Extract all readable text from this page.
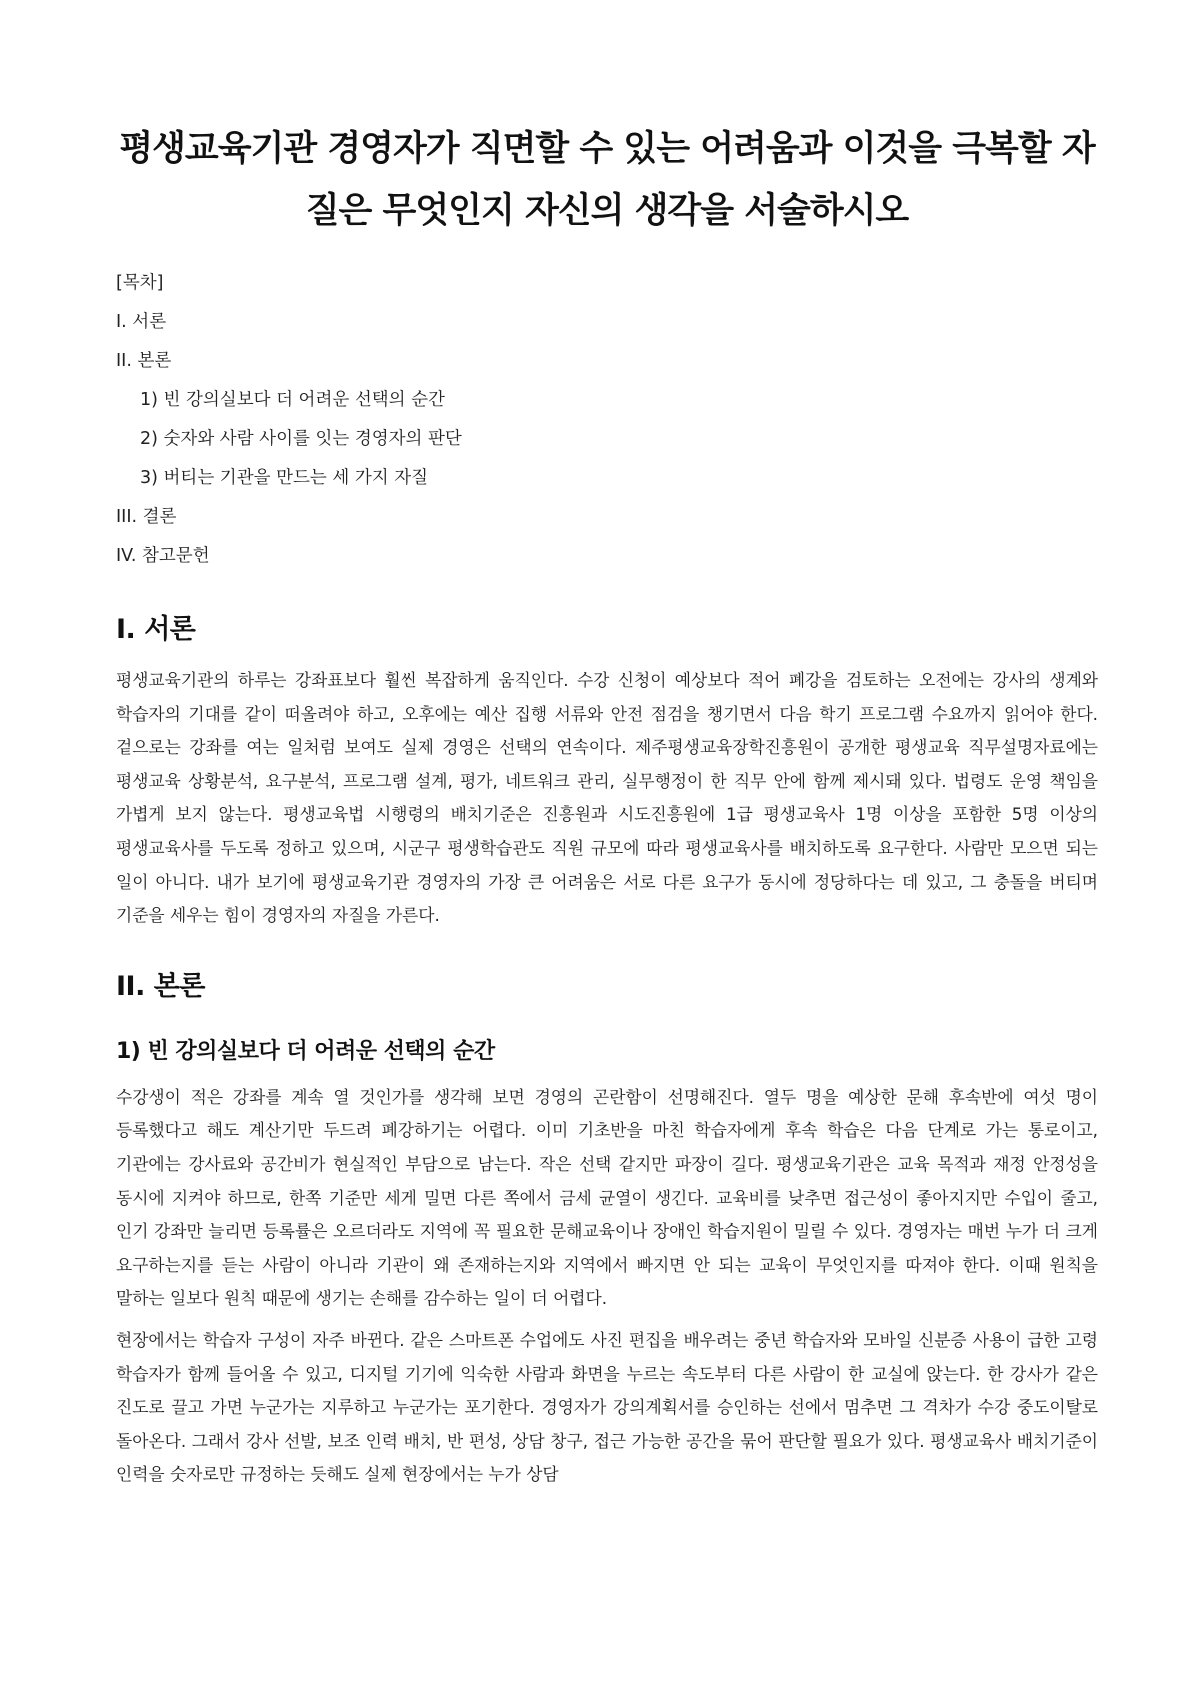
평생교육기관 경영자가 직면할 수 있는 어려움과 이것을 극복할 자질은 무엇인지 자신의 생각을 서술하시오
[목차]
I. 서론
II. 본론
1) 빈 강의실보다 더 어려운 선택의 순간
2) 숫자와 사람 사이를 잇는 경영자의 판단
3) 버티는 기관을 만드는 세 가지 자질
III. 결론
IV. 참고문헌
I. 서론

평생교육기관의 하루는 강좌표보다 훨씬 복잡하게 움직인다. 수강 신청이 예상보다 적어 폐강을 검토하는 오전에는 강사의 생계와 학습자의 기대를 같이 떠올려야 하고, 오후에는 예산 집행 서류와 안전 점검을 챙기면서 다음 학기 프로그램 수요까지 읽어야 한다. 겉으로는 강좌를 여는 일처럼 보여도 실제 경영은 선택의 연속이다. 제주평생교육장학진흥원이 공개한 평생교육 직무설명자료에는 평생교육 상황분석, 요구분석, 프로그램 설계, 평가, 네트워크 관리, 실무행정이 한 직무 안에 함께 제시돼 있다. 법령도 운영 책임을 가볍게 보지 않는다. 평생교육법 시행령의 배치기준은 진흥원과 시도진흥원에 1급 평생교육사 1명 이상을 포함한 5명 이상의 평생교육사를 두도록 정하고 있으며, 시군구 평생학습관도 직원 규모에 따라 평생교육사를 배치하도록 요구한다. 사람만 모으면 되는 일이 아니다. 내가 보기에 평생교육기관 경영자의 가장 큰 어려움은 서로 다른 요구가 동시에 정당하다는 데 있고, 그 충돌을 버티며 기준을 세우는 힘이 경영자의 자질을 가른다.

II. 본론
1) 빈 강의실보다 더 어려운 선택의 순간

수강생이 적은 강좌를 계속 열 것인가를 생각해 보면 경영의 곤란함이 선명해진다. 열두 명을 예상한 문해 후속반에 여섯 명이 등록했다고 해도 계산기만 두드려 폐강하기는 어렵다. 이미 기초반을 마친 학습자에게 후속 학습은 다음 단계로 가는 통로이고, 기관에는 강사료와 공간비가 현실적인 부담으로 남는다. 작은 선택 같지만 파장이 길다. 평생교육기관은 교육 목적과 재정 안정성을 동시에 지켜야 하므로, 한쪽 기준만 세게 밀면 다른 쪽에서 금세 균열이 생긴다. 교육비를 낮추면 접근성이 좋아지지만 수입이 줄고, 인기 강좌만 늘리면 등록률은 오르더라도 지역에 꼭 필요한 문해교육이나 장애인 학습지원이 밀릴 수 있다. 경영자는 매번 누가 더 크게 요구하는지를 듣는 사람이 아니라 기관이 왜 존재하는지와 지역에서 빠지면 안 되는 교육이 무엇인지를 따져야 한다. 이때 원칙을 말하는 일보다 원칙 때문에 생기는 손해를 감수하는 일이 더 어렵다.

현장에서는 학습자 구성이 자주 바뀐다. 같은 스마트폰 수업에도 사진 편집을 배우려는 중년 학습자와 모바일 신분증 사용이 급한 고령 학습자가 함께 들어올 수 있고, 디지털 기기에 익숙한 사람과 화면을 누르는 속도부터 다른 사람이 한 교실에 앉는다. 한 강사가 같은 진도로 끌고 가면 누군가는 지루하고 누군가는 포기한다. 경영자가 강의계획서를 승인하는 선에서 멈추면 그 격차가 수강 중도이탈로 돌아온다. 그래서 강사 선발, 보조 인력 배치, 반 편성, 상담 창구, 접근 가능한 공간을 묶어 판단할 필요가 있다. 평생교육사 배치기준이 인력을 숫자로만 규정하는 듯해도 실제 현장에서는 누가 상담
